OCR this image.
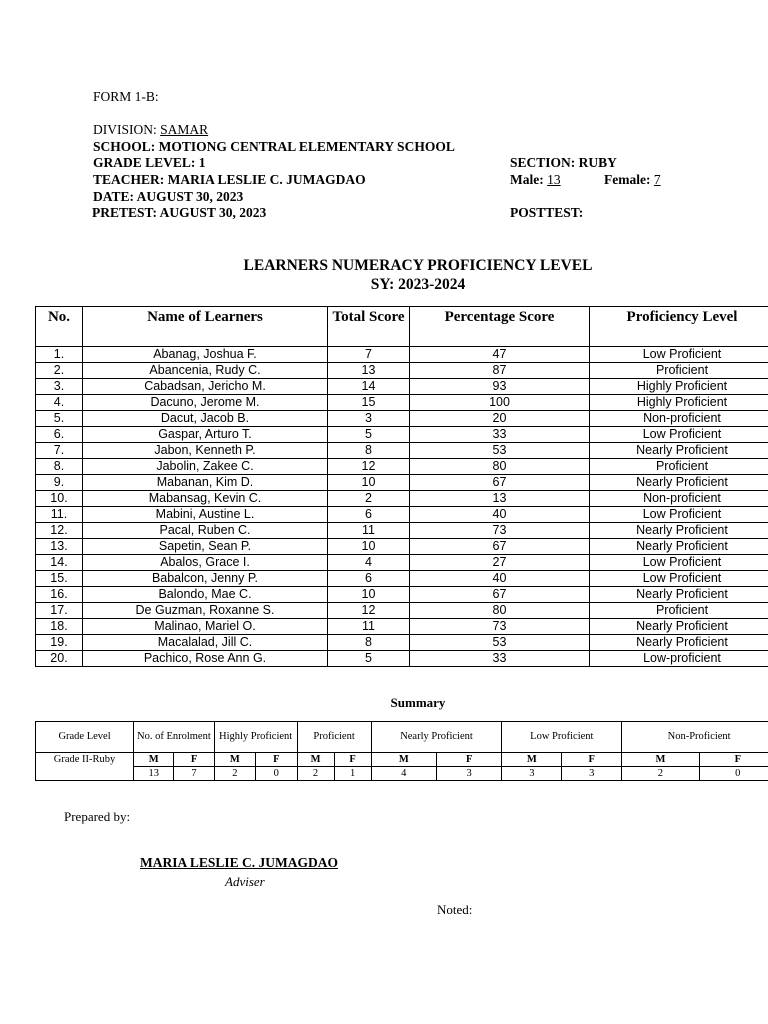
FORM 1-B:
DIVISION: SAMAR
SCHOOL: MOTIONG CENTRAL ELEMENTARY SCHOOL
GRADE LEVEL: 1	SECTION: RUBY
TEACHER: MARIA LESLIE C. JUMAGDAO	Male: 13	Female: 7
DATE: AUGUST 30, 2023
PRETEST: AUGUST 30, 2023	POSTTEST:
LEARNERS NUMERACY PROFICIENCY LEVEL
SY: 2023-2024
No.	Name of Learners	Total Score	Percentage Score	Proficiency Level
1.	Abanag, Joshua F.	7	47	Low Proficient
2.	Abancenia, Rudy C.	13	87	Proficient
3.	Cabadsan, Jericho M.	14	93	Highly Proficient
4.	Dacuno, Jerome M.	15	100	Highly Proficient
5.	Dacut, Jacob B.	3	20	Non-proficient
6.	Gaspar, Arturo T.	5	33	Low Proficient
7.	Jabon, Kenneth P.	8	53	Nearly Proficient
8.	Jabolin, Zakee C.	12	80	Proficient
9.	Mabanan, Kim D.	10	67	Nearly Proficient
10.	Mabansag, Kevin C.	2	13	Non-proficient
11.	Mabini, Austine L.	6	40	Low Proficient
12.	Pacal, Ruben C.	11	73	Nearly Proficient
13.	Sapetin, Sean P.	10	67	Nearly Proficient
14.	Abalos, Grace I.	4	27	Low Proficient
15.	Babalcon, Jenny P.	6	40	Low Proficient
16.	Balondo, Mae C.	10	67	Nearly Proficient
17.	De Guzman, Roxanne S.	12	80	Proficient
18.	Malinao, Mariel O.	11	73	Nearly Proficient
19.	Macalalad, Jill C.	8	53	Nearly Proficient
20.	Pachico, Rose Ann G.	5	33	Low-proficient
Summary
Grade Level	No. of Enrolment		Highly Proficient		Proficient		Nearly Proficient		Low Proficient		Non-Proficient	
Grade II-Ruby	M	F	M	F	M	F	M	F	M	F	M	F
	13	7	2	0	2	1	4	3	3	3	2	0
Prepared by:
MARIA LESLIE C. JUMAGDAO
Adviser
Noted:
